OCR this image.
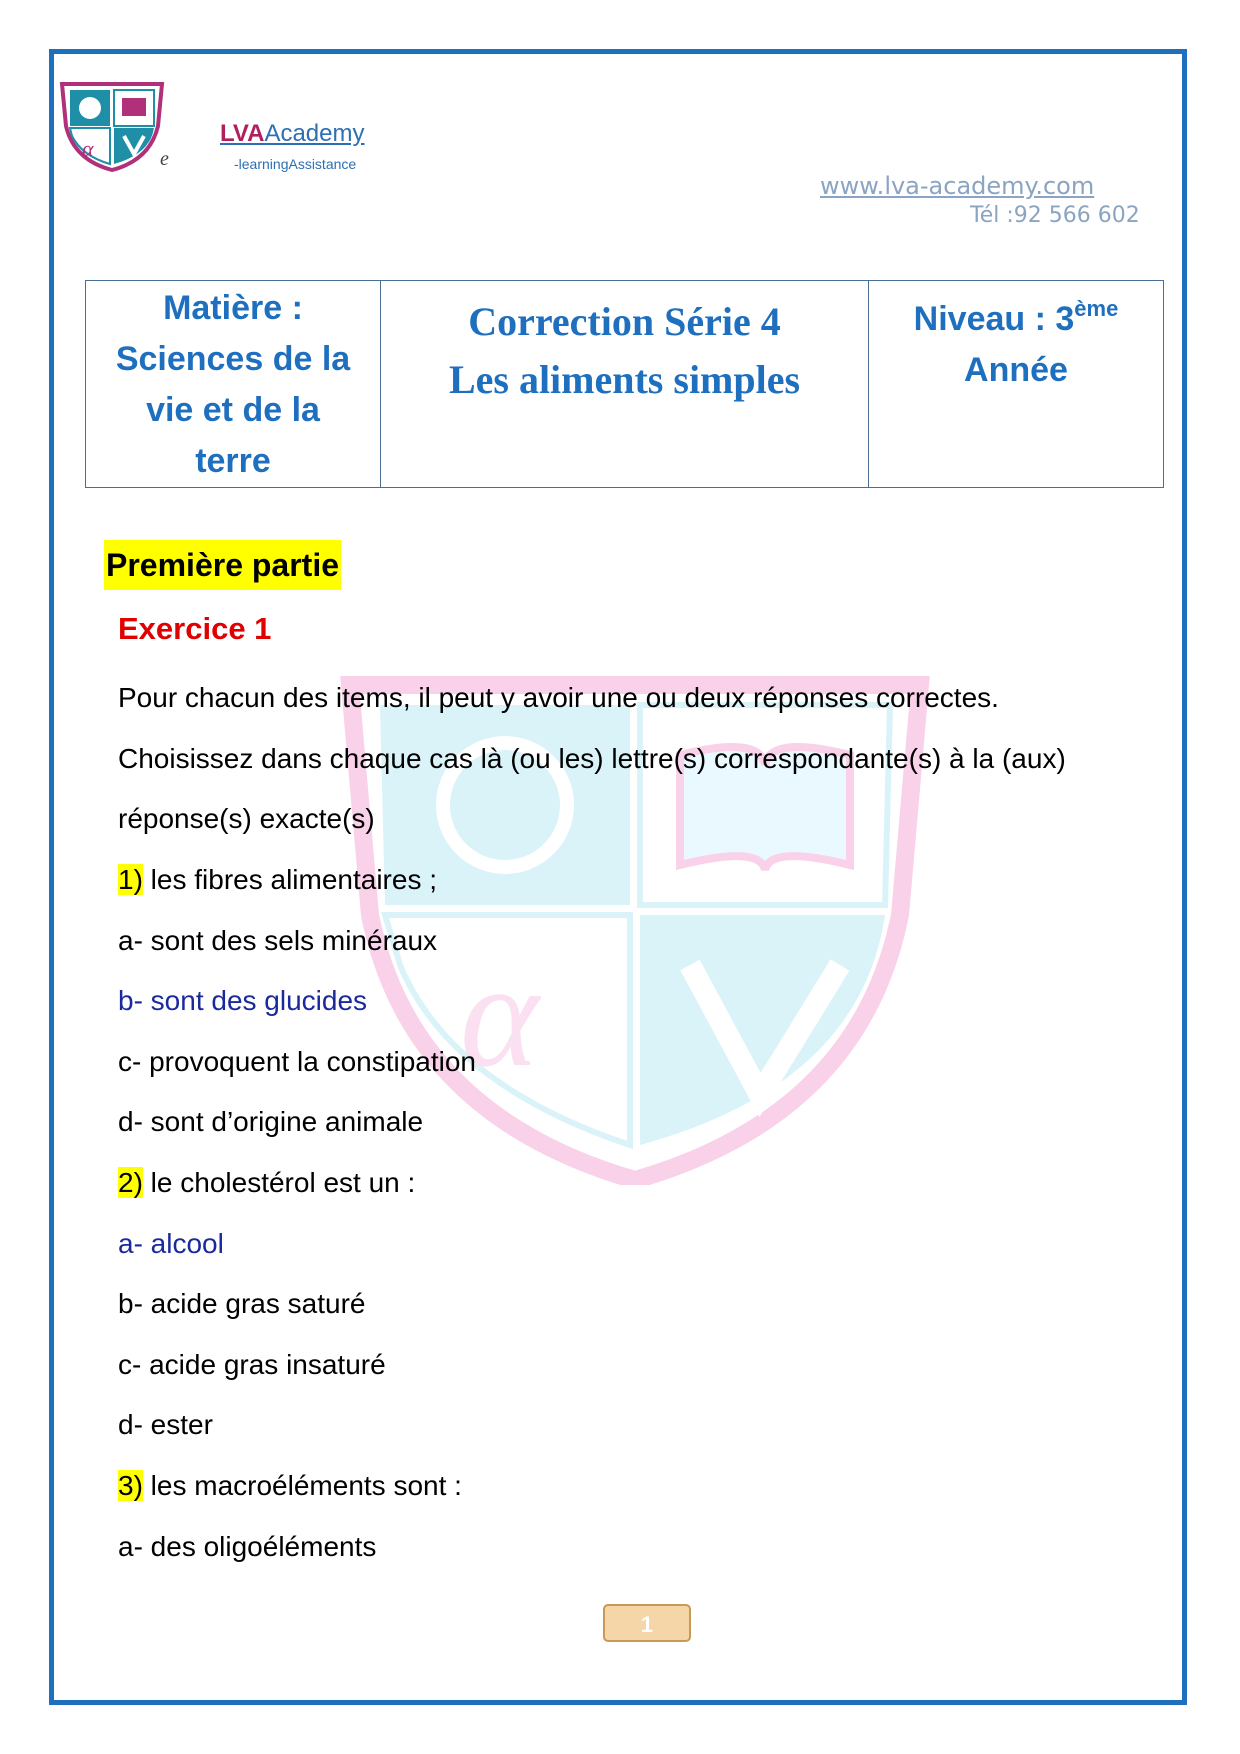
α	e
LVAAcademy
-learningAssistance
www.lva-academy.com
Tél :92 566 602
Matière :
Sciences de la
vie et de la
terre

Correction Série 4
Les aliments simples

Niveau : 3ème
Année
α
Première partie
Exercice 1
Pour chacun des items, il peut y avoir une ou deux réponses correctes.
Choisissez dans chaque cas là (ou les) lettre(s) correspondante(s) à la (aux)
réponse(s) exacte(s)
1) les fibres alimentaires ;
a- sont des sels minéraux
b- sont des glucides
c- provoquent la constipation
d- sont d’origine animale
2) le cholestérol est un :
a- alcool
b- acide gras saturé
c- acide gras insaturé
d- ester
3) les macroéléments sont :
a- des oligoéléments
1
